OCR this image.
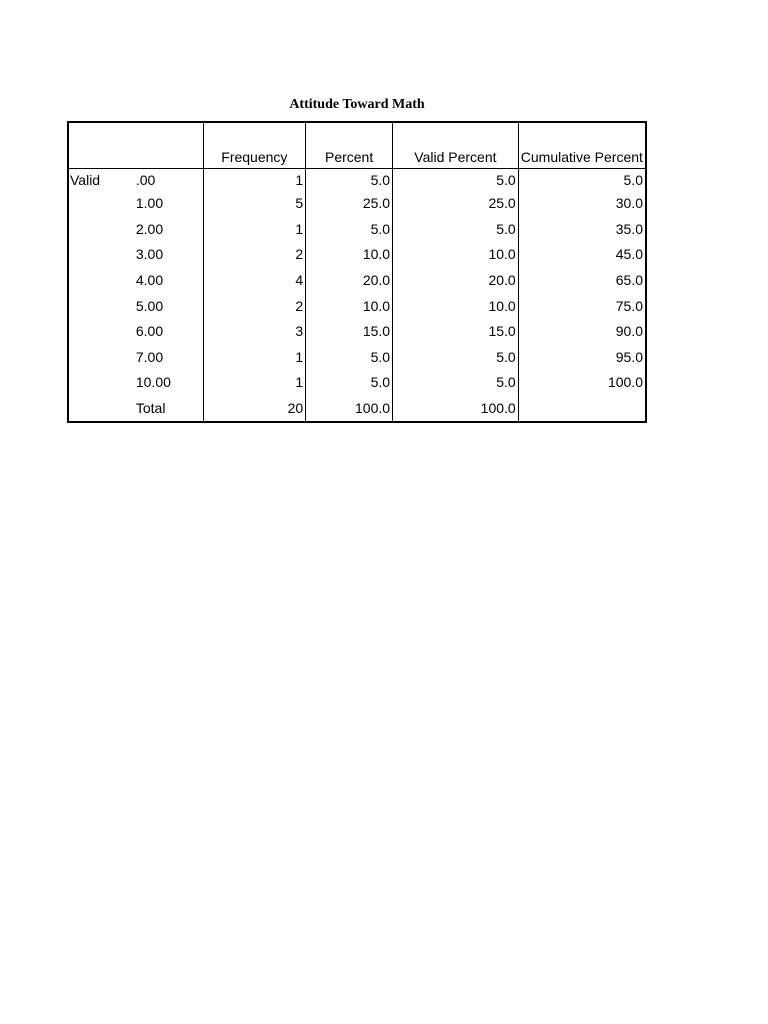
Attitude Toward Math
		Frequency	Percent	Valid Percent	Cumulative Percent
Valid	.00	1	5.0	5.0	5.0
	1.00	5	25.0	25.0	30.0
	2.00	1	5.0	5.0	35.0
	3.00	2	10.0	10.0	45.0
	4.00	4	20.0	20.0	65.0
	5.00	2	10.0	10.0	75.0
	6.00	3	15.0	15.0	90.0
	7.00	1	5.0	5.0	95.0
	10.00	1	5.0	5.0	100.0
	Total	20	100.0	100.0	
